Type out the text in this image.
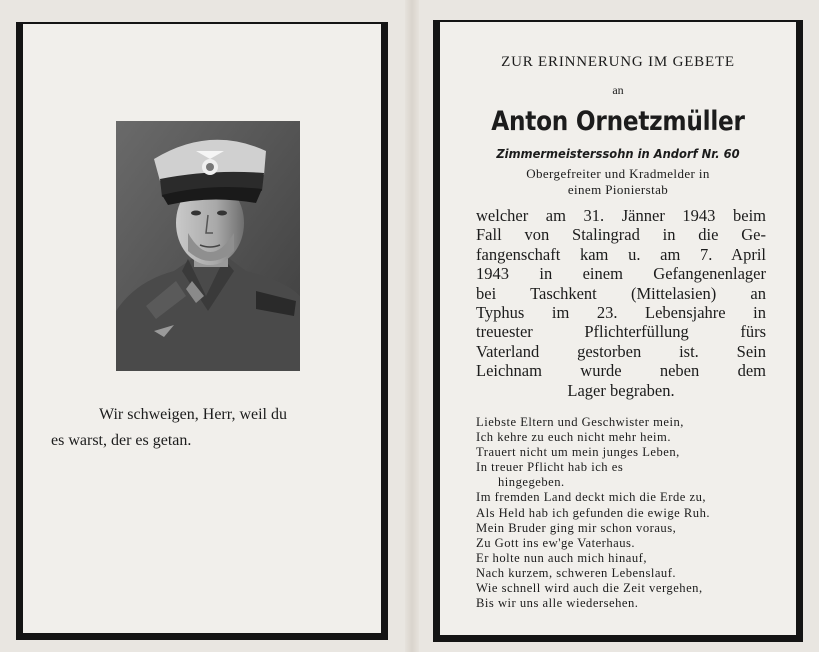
Wir schweigen, Herr, weil du
es warst, der es getan.
ZUR ERINNERUNG IM GEBETE
an
Anton Ornetzmüller
Zimmermeisterssohn in Andorf Nr. 60
Obergefreiter und Kradmelder in
einem Pionierstab
welcher am 31. Jänner 1943 beim
Fall von Stalingrad in die Ge-
fangenschaft kam u. am 7. April
1943 in einem Gefangenenlager
bei Taschkent (Mittelasien) an
Typhus im 23. Lebensjahre in
treuester Pflichterfüllung fürs
Vaterland gestorben ist. Sein
Leichnam wurde neben dem
Lager begraben.
Liebste Eltern und Geschwister mein,
Ich kehre zu euch nicht mehr heim.
Trauert nicht um mein junges Leben,
In treuer Pflicht hab ich es
hingegeben.
Im fremden Land deckt mich die Erde zu,
Als Held hab ich gefunden die ewige Ruh.
Mein Bruder ging mir schon voraus,
Zu Gott ins ew'ge Vaterhaus.
Er holte nun auch mich hinauf,
Nach kurzem, schweren Lebenslauf.
Wie schnell wird auch die Zeit vergehen,
Bis wir uns alle wiedersehen.
